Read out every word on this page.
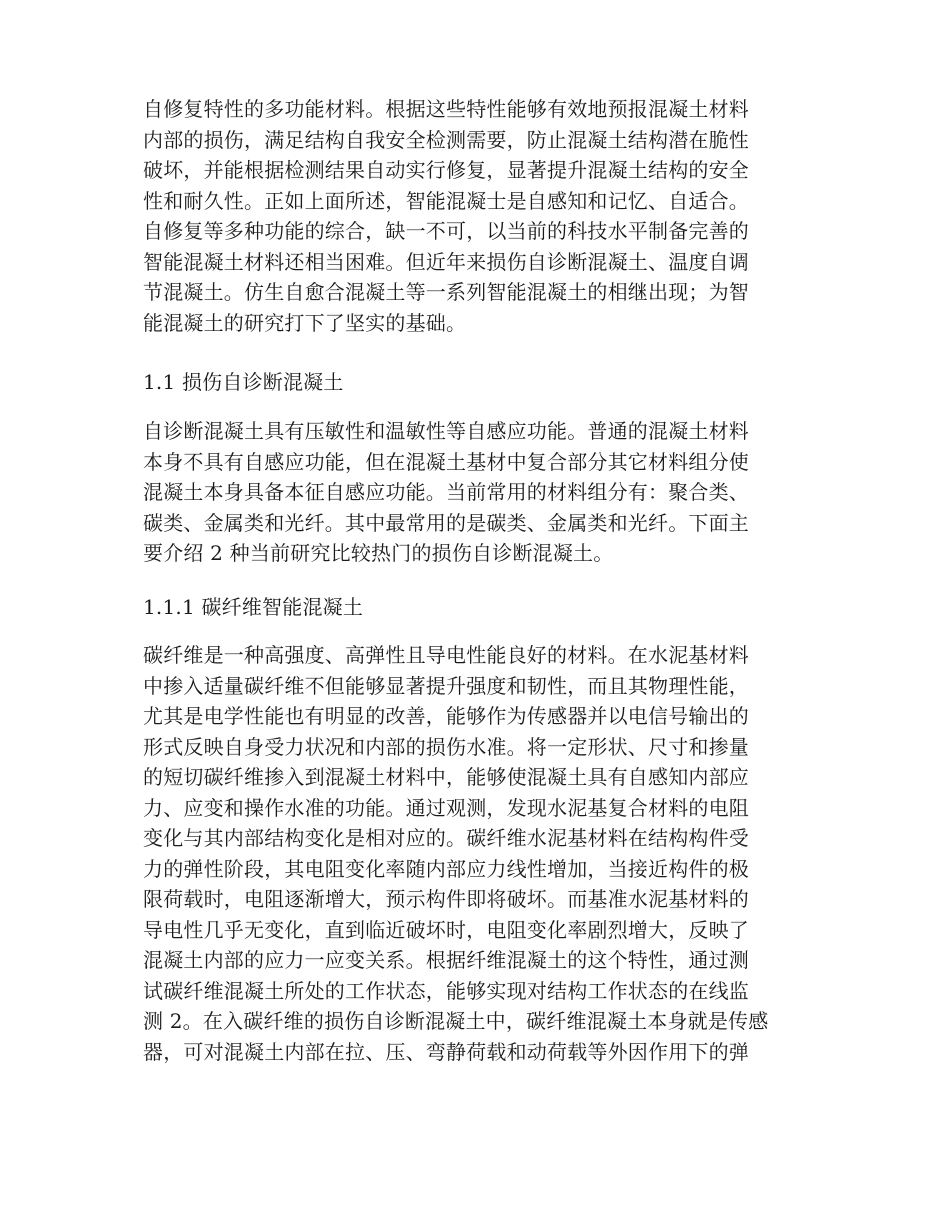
自修复特性的多功能材料。根据这些特性能够有效地预报混凝土材料
内部的损伤，满足结构自我安全检测需要，防止混凝土结构潜在脆性
破坏，并能根据检测结果自动实行修复，显著提升混凝土结构的安全
性和耐久性。正如上面所述，智能混凝士是自感知和记忆、自适合。
自修复等多种功能的综合，缺一不可，以当前的科技水平制备完善的
智能混凝土材料还相当困难。但近年来损伤自诊断混凝土、温度自调
节混凝土。仿生自愈合混凝土等一系列智能混凝土的相继出现；为智
能混凝土的研究打下了坚实的基础。
1.1 损伤自诊断混凝土
自诊断混凝土具有压敏性和温敏性等自感应功能。普通的混凝土材料
本身不具有自感应功能，但在混凝土基材中复合部分其它材料组分使
混凝土本身具备本征自感应功能。当前常用的材料组分有：聚合类、
碳类、金属类和光纤。其中最常用的是碳类、金属类和光纤。下面主
要介绍 2 种当前研究比较热门的损伤自诊断混凝土。
1.1.1 碳纤维智能混凝土
碳纤维是一种高强度、高弹性且导电性能良好的材料。在水泥基材料
中掺入适量碳纤维不但能够显著提升强度和韧性，而且其物理性能，
尤其是电学性能也有明显的改善，能够作为传感器并以电信号输出的
形式反映自身受力状况和内部的损伤水准。将一定形状、尺寸和掺量
的短切碳纤维掺入到混凝土材料中，能够使混凝土具有自感知内部应
力、应变和操作水准的功能。通过观测，发现水泥基复合材料的电阻
变化与其内部结构变化是相对应的。碳纤维水泥基材料在结构构件受
力的弹性阶段，其电阻变化率随内部应力线性增加，当接近构件的极
限荷载时，电阻逐渐增大，预示构件即将破坏。而基准水泥基材料的
导电性几乎无变化，直到临近破坏时，电阻变化率剧烈增大，反映了
混凝土内部的应力一应变关系。根据纤维混凝土的这个特性，通过测
试碳纤维混凝土所处的工作状态，能够实现对结构工作状态的在线监
测 2。在入碳纤维的损伤自诊断混凝土中，碳纤维混凝土本身就是传感
器，可对混凝土内部在拉、压、弯静荷载和动荷载等外因作用下的弹
